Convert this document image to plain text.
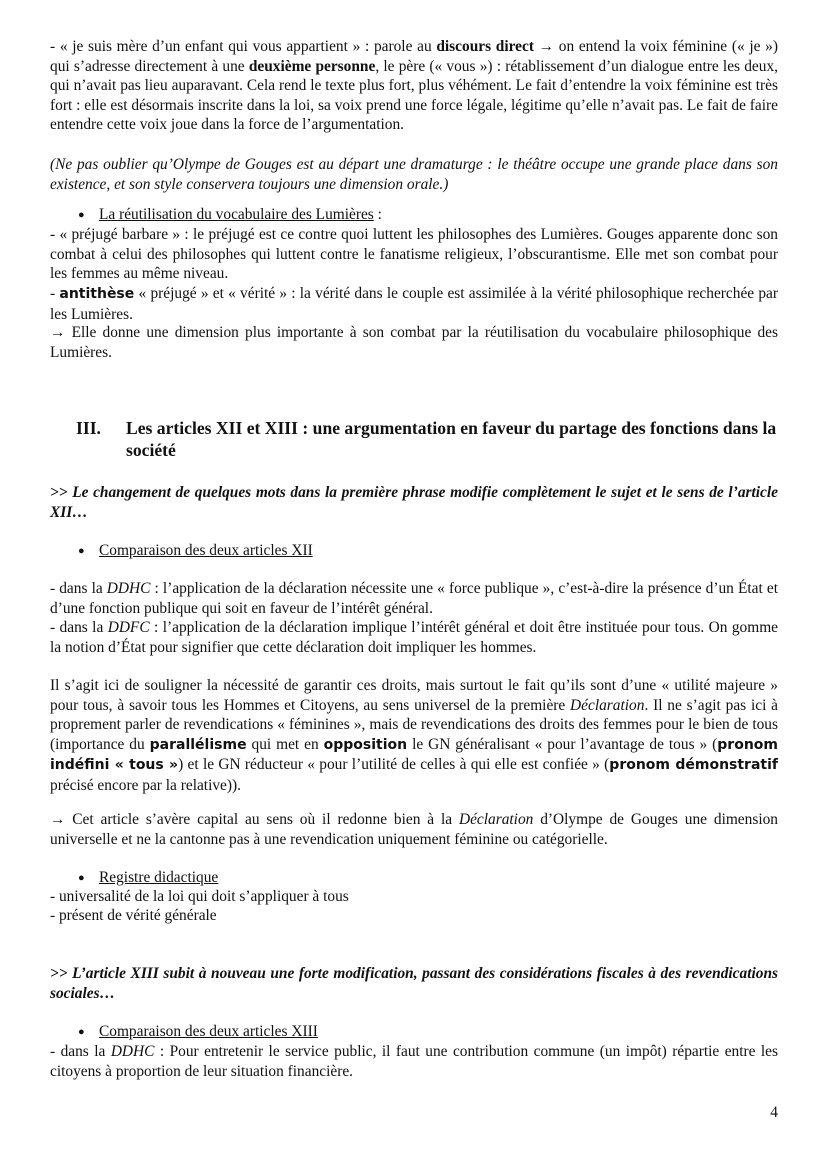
- « je suis mère d’un enfant qui vous appartient » : parole au discours direct → on entend la voix féminine (« je ») qui s’adresse directement à une deuxième personne, le père (« vous ») : rétablissement d’un dialogue entre les deux, qui n’avait pas lieu auparavant. Cela rend le texte plus fort, plus véhément. Le fait d’entendre la voix féminine est très fort : elle est désormais inscrite dans la loi, sa voix prend une force légale, légitime qu’elle n’avait pas. Le fait de faire entendre cette voix joue dans la force de l’argumentation.

(Ne pas oublier qu’Olympe de Gouges est au départ une dramaturge : le théâtre occupe une grande place dans son existence, et son style conservera toujours une dimension orale.)

● La réutilisation du vocabulaire des Lumières :

- « préjugé barbare » : le préjugé est ce contre quoi luttent les philosophes des Lumières. Gouges apparente donc son combat à celui des philosophes qui luttent contre le fanatisme religieux, l’obscurantisme. Elle met son combat pour les femmes au même niveau.

- antithèse « préjugé » et « vérité » : la vérité dans le couple est assimilée à la vérité philosophique recherchée par les Lumières.

→ Elle donne une dimension plus importante à son combat par la réutilisation du vocabulaire philosophique des Lumières.

III. Les articles XII et XIII : une argumentation en faveur du partage des fonctions dans la société

>> Le changement de quelques mots dans la première phrase modifie complètement le sujet et le sens de l’article XII…

● Comparaison des deux articles XII

- dans la DDHC : l’application de la déclaration nécessite une « force publique », c’est-à-dire la présence d’un État et d’une fonction publique qui soit en faveur de l’intérêt général.

- dans la DDFC : l’application de la déclaration implique l’intérêt général et doit être instituée pour tous. On gomme la notion d’État pour signifier que cette déclaration doit impliquer les hommes.

Il s’agit ici de souligner la nécessité de garantir ces droits, mais surtout le fait qu’ils sont d’une « utilité majeure » pour tous, à savoir tous les Hommes et Citoyens, au sens universel de la première Déclaration. Il ne s’agit pas ici à proprement parler de revendications « féminines », mais de revendications des droits des femmes pour le bien de tous (importance du parallélisme qui met en opposition le GN généralisant « pour l’avantage de tous » (pronom indéfini « tous ») et le GN réducteur « pour l’utilité de celles à qui elle est confiée » (pronom démonstratif précisé encore par la relative)).

→ Cet article s’avère capital au sens où il redonne bien à la Déclaration d’Olympe de Gouges une dimension universelle et ne la cantonne pas à une revendication uniquement féminine ou catégorielle.

● Registre didactique

- universalité de la loi qui doit s’appliquer à tous

- présent de vérité générale

>> L’article XIII subit à nouveau une forte modification, passant des considérations fiscales à des revendications sociales…

● Comparaison des deux articles XIII

- dans la DDHC : Pour entretenir le service public, il faut une contribution commune (un impôt) répartie entre les citoyens à proportion de leur situation financière.

4
